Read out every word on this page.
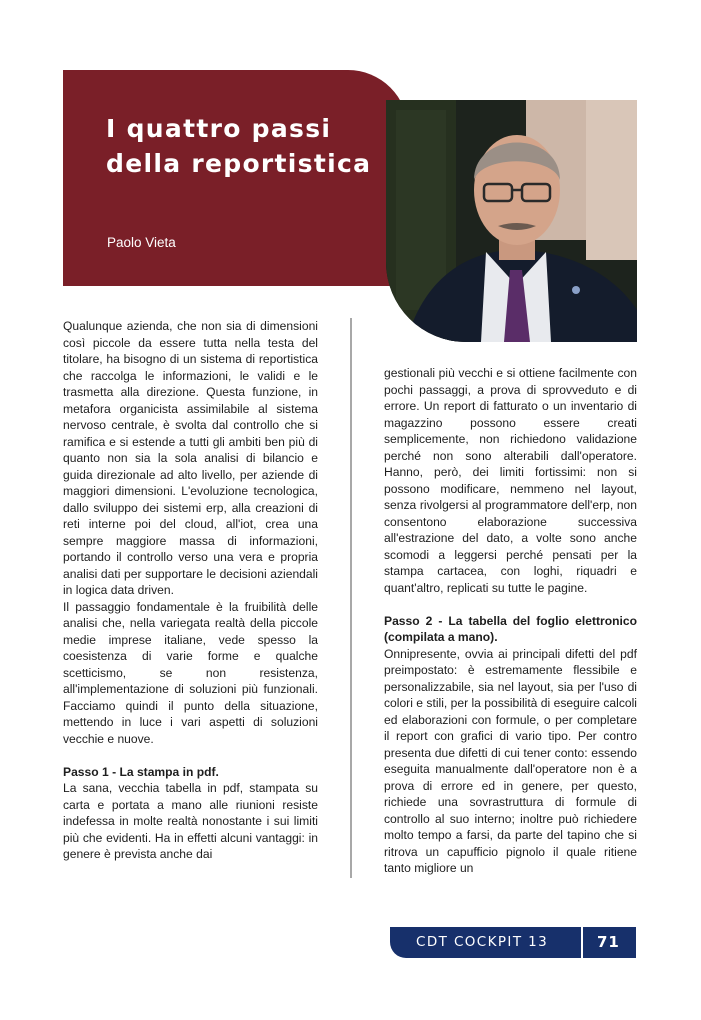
I quattro passi della reportistica
Paolo Vieta

Qualunque azienda, che non sia di dimensioni così piccole da essere tutta nella testa del titolare, ha bisogno di un sistema di reportistica che raccolga le informazioni, le validi e le trasmetta alla direzione. Questa funzione, in metafora organicista assimilabile al sistema nervoso centrale, è svolta dal controllo che si ramifica e si estende a tutti gli ambiti ben più di quanto non sia la sola analisi di bilancio e guida direzionale ad alto livello, per aziende di maggiori dimensioni. L'evoluzione tecnologica, dallo sviluppo dei sistemi erp, alla creazioni di reti interne poi del cloud, all'iot, crea una sempre maggiore massa di informazioni, portando il controllo verso una vera e propria analisi dati per supportare le decisioni aziendali in logica data driven.

Il passaggio fondamentale è la fruibilità delle analisi che, nella variegata realtà della piccole medie imprese italiane, vede spesso la coesistenza di varie forme e qualche scetticismo, se non resistenza, all'implementazione di soluzioni più funzionali. Facciamo quindi il punto della situazione, mettendo in luce i vari aspetti di soluzioni vecchie e nuove.

Passo 1 - La stampa in pdf.

La sana, vecchia tabella in pdf, stampata su carta e portata a mano alle riunioni resiste indefessa in molte realtà nonostante i sui limiti più che evidenti. Ha in effetti alcuni vantaggi: in genere è prevista anche dai

gestionali più vecchi e si ottiene facilmente con pochi passaggi, a prova di sprovveduto e di errore. Un report di fatturato o un inventario di magazzino possono essere creati semplicemente, non richiedono validazione perché non sono alterabili dall'operatore. Hanno, però, dei limiti fortissimi: non si possono modificare, nemmeno nel layout, senza rivolgersi al programmatore dell'erp, non consentono elaborazione successiva all'estrazione del dato, a volte sono anche scomodi a leggersi perché pensati per la stampa cartacea, con loghi, riquadri e quant'altro, replicati su tutte le pagine.

Passo 2 - La tabella del foglio elettronico (compilata a mano).

Onnipresente, ovvia ai principali difetti del pdf preimpostato: è estremamente flessibile e personalizzabile, sia nel layout, sia per l'uso di colori e stili, per la possibilità di eseguire calcoli ed elaborazioni con formule, o per completare il report con grafici di vario tipo. Per contro presenta due difetti di cui tener conto: essendo eseguita manualmente dall'operatore non è a prova di errore ed in genere, per questo, richiede una sovrastruttura di formule di controllo al suo interno; inoltre può richiedere molto tempo a farsi, da parte del tapino che si ritrova un capufficio pignolo il quale ritiene tanto migliore un

CDT COCKPIT 13	71
